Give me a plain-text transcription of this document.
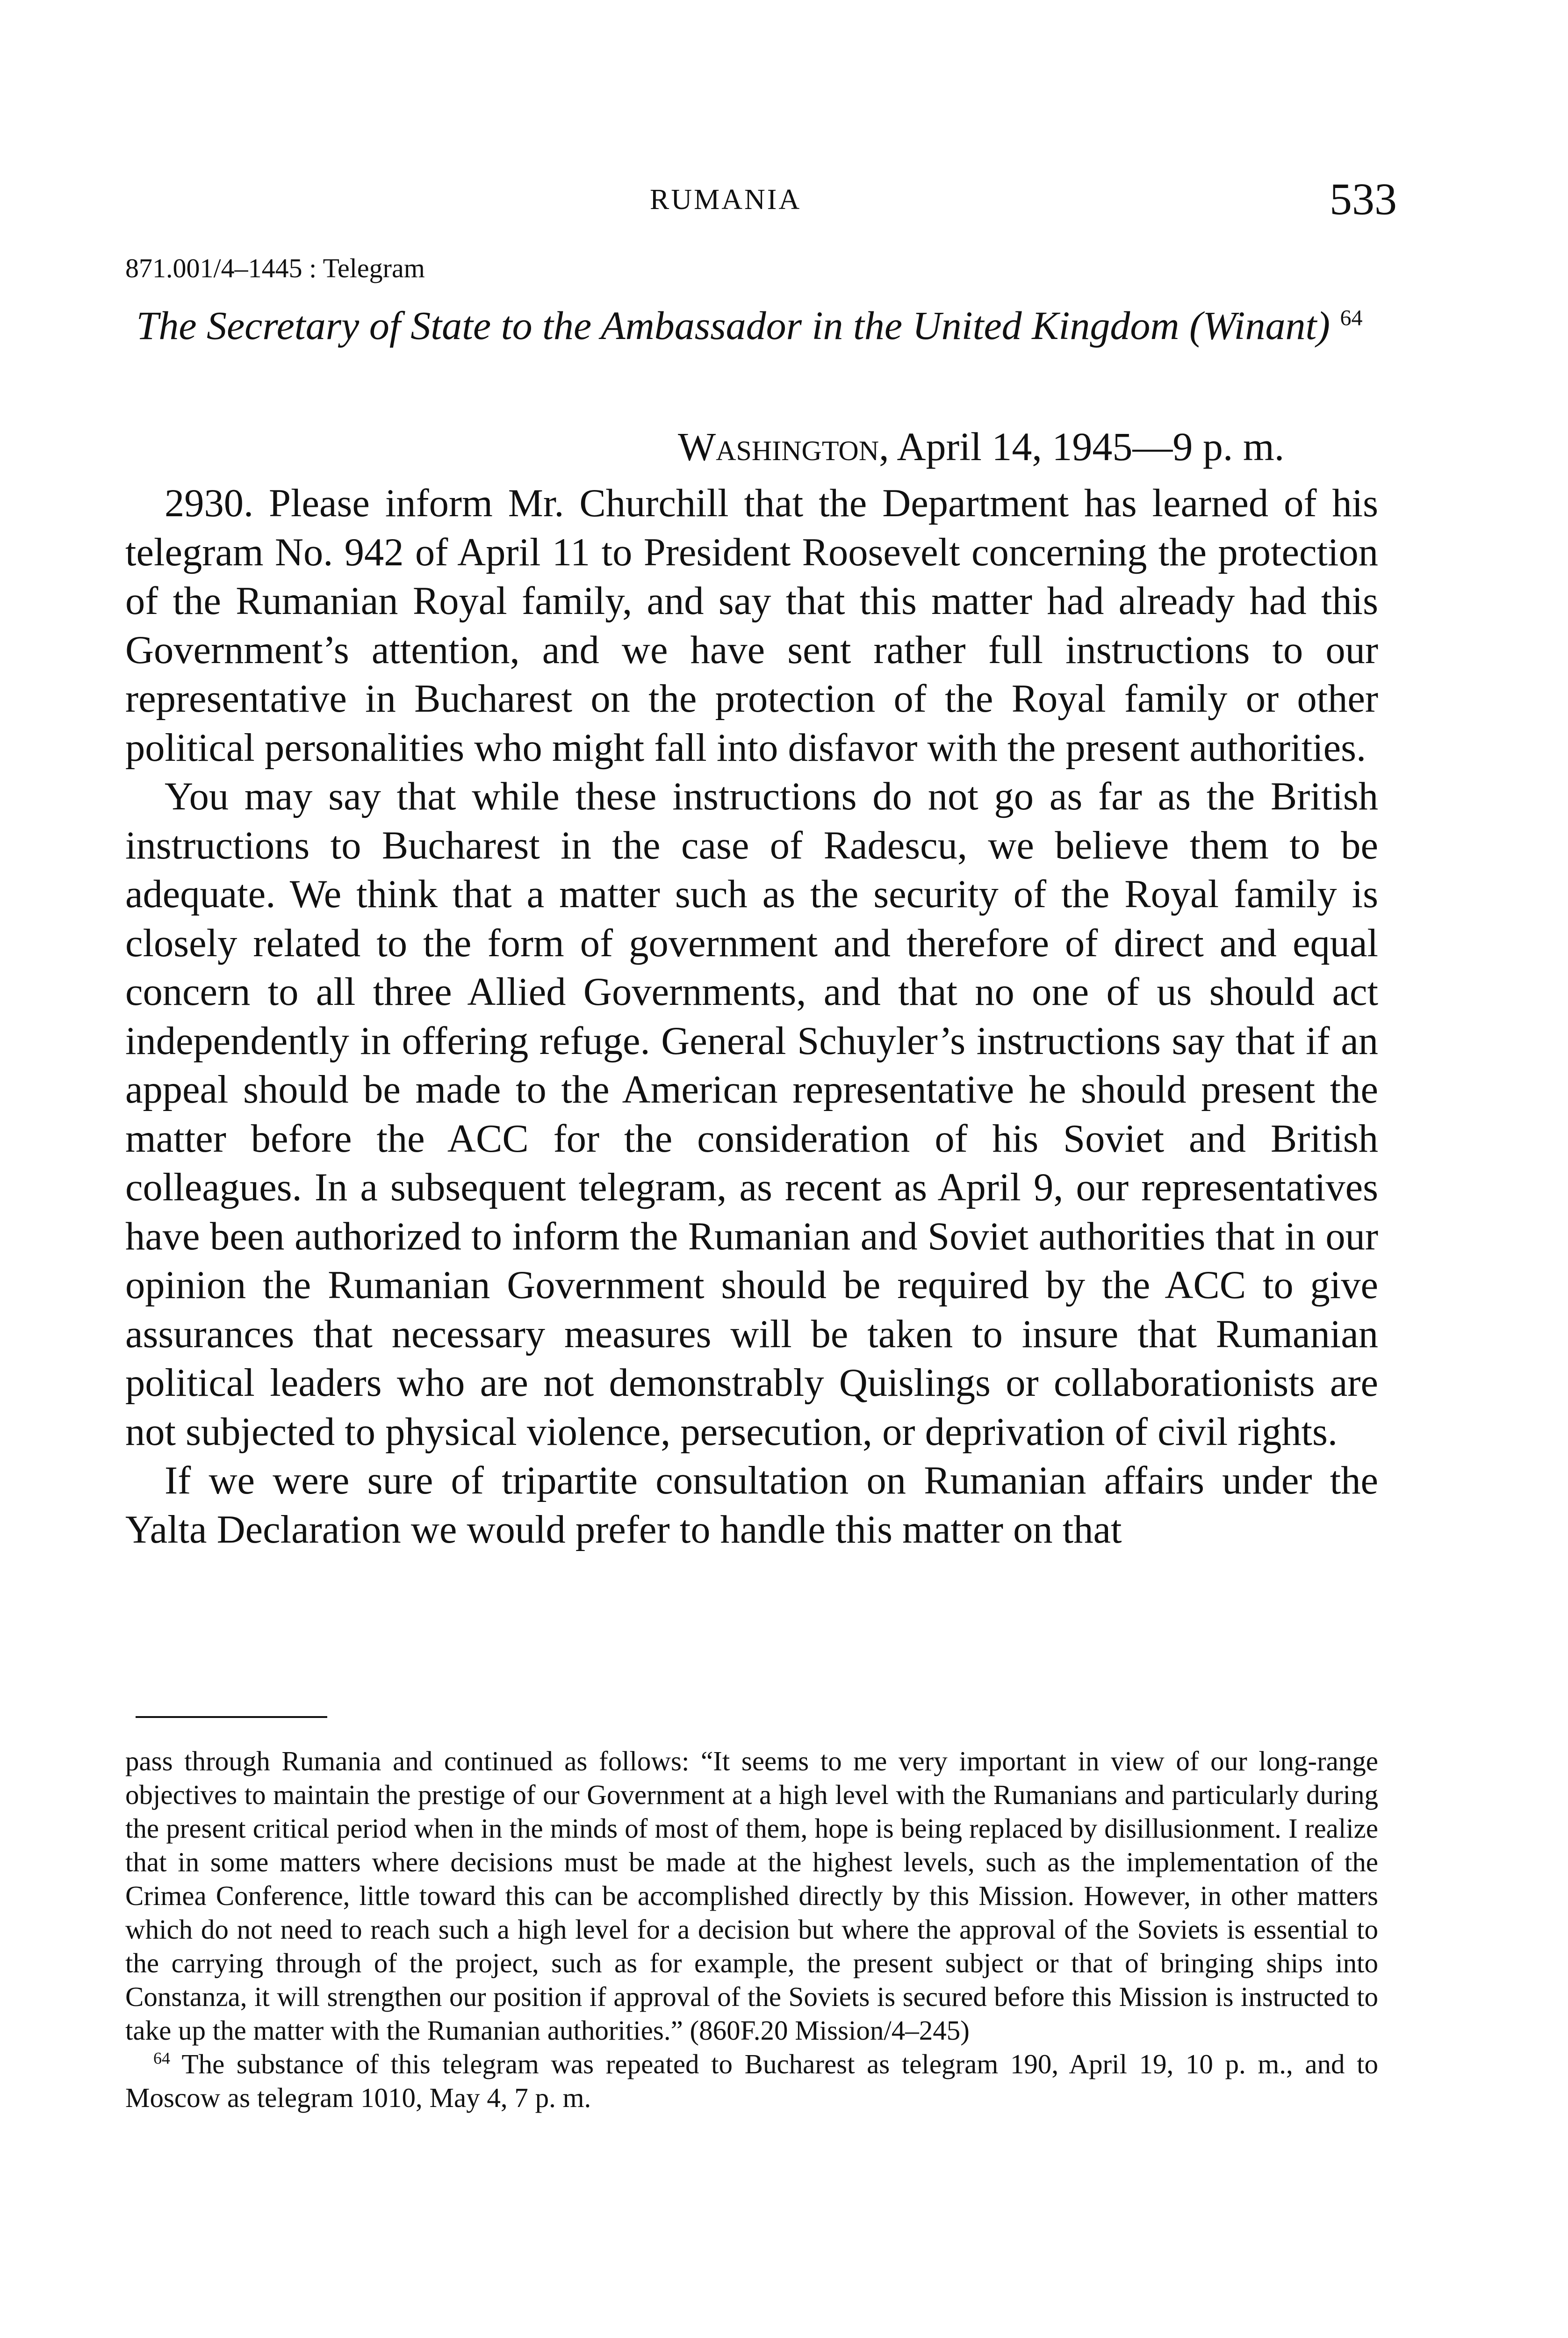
RUMANIA	533
871.001/4–1445 : Telegram
The Secretary of State to the Ambassador in the United Kingdom (Winant) $^{64}$
Washington, April 14, 1945—9 p. m.

2930. Please inform Mr. Churchill that the Department has learned of his telegram No. 942 of April 11 to President Roosevelt concerning the protection of the Rumanian Royal family, and say that this matter had already had this Government’s attention, and we have sent rather full instructions to our representative in Bucharest on the protection of the Royal family or other political personalities who might fall into disfavor with the present authorities.

You may say that while these instructions do not go as far as the British instructions to Bucharest in the case of Radescu, we believe them to be adequate. We think that a matter such as the security of the Royal family is closely related to the form of government and therefore of direct and equal concern to all three Allied Governments, and that no one of us should act independently in offering refuge. General Schuyler’s instructions say that if an appeal should be made to the American representative he should present the matter before the ACC for the consideration of his Soviet and British colleagues. In a subsequent telegram, as recent as April 9, our representatives have been authorized to inform the Rumanian and Soviet authorities that in our opinion the Rumanian Government should be required by the ACC to give assurances that necessary measures will be taken to insure that Rumanian political leaders who are not demonstrably Quislings or collaborationists are not subjected to physical violence, persecution, or deprivation of civil rights.

If we were sure of tripartite consultation on Rumanian affairs under the Yalta Declaration we would prefer to handle this matter on that

pass through Rumania and continued as follows: “It seems to me very important in view of our long-range objectives to maintain the prestige of our Government at a high level with the Rumanians and particularly during the present critical period when in the minds of most of them, hope is being replaced by disillusionment. I realize that in some matters where decisions must be made at the highest levels, such as the implementation of the Crimea Conference, little toward this can be accomplished directly by this Mission. However, in other matters which do not need to reach such a high level for a decision but where the approval of the Soviets is essential to the carrying through of the project, such as for example, the present subject or that of bringing ships into Constanza, it will strengthen our position if approval of the Soviets is secured before this Mission is instructed to take up the matter with the Rumanian authorities.” (860F.20 Mission/4–245)

$^{64}$ The substance of this telegram was repeated to Bucharest as telegram 190, April 19, 10 p. m., and to Moscow as telegram 1010, May 4, 7 p. m.
